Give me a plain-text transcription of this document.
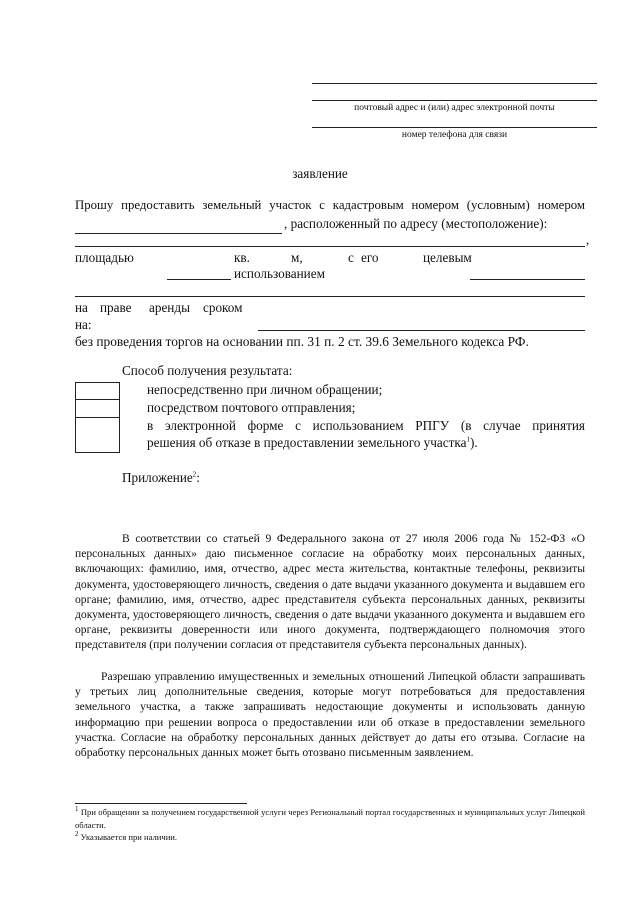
почтовый адрес и (или) адрес электронной почты
номер телефона для связи
заявление
Прошу предоставить земельный участок с кадастровым номером (условным) номером
, расположенный по адресу (местоположение):
,
площадью	кв.	м,	с его	целевым
использованием
на праве аренды сроком
на:
без проведения торгов на основании пп. 31 п. 2 ст. 39.6 Земельного кодекса РФ.
Способ получения результата:
непосредственно при личном обращении;
посредством почтового отправления;
в электронной форме с использованием РПГУ (в случае принятия
решения об отказе в предоставлении земельного участка$^1$).
Приложение$^2$:
В соответствии со статьей 9 Федерального закона от 27 июля 2006 года № 152-ФЗ «О персональных данных» даю письменное согласие на обработку моих персональных данных, включающих: фамилию, имя, отчество, адрес места жительства, контактные телефоны, реквизиты документа, удостоверяющего личность, сведения о дате выдачи указанного документа и выдавшем его органе; фамилию, имя, отчество, адрес представителя субъекта персональных данных, реквизиты документа, удостоверяющего личность, сведения о дате выдачи указанного документа и выдавшем его органе, реквизиты доверенности или иного документа, подтверждающего полномочия этого представителя (при получении согласия от представителя субъекта персональных данных).
Разрешаю управлению имущественных и земельных отношений Липецкой области запрашивать у третьих лиц дополнительные сведения, которые могут потребоваться для предоставления земельного участка, а также запрашивать недостающие документы и использовать данную информацию при решении вопроса о предоставлении или об отказе в предоставлении земельного участка. Согласие на обработку персональных данных действует до даты его отзыва. Согласие на обработку персональных данных может быть отозвано письменным заявлением.
$^1$ При обращении за получением государственной услуги через Региональный портал государственных и муниципальных услуг Липецкой области.
$^2$ Указывается при наличии.
